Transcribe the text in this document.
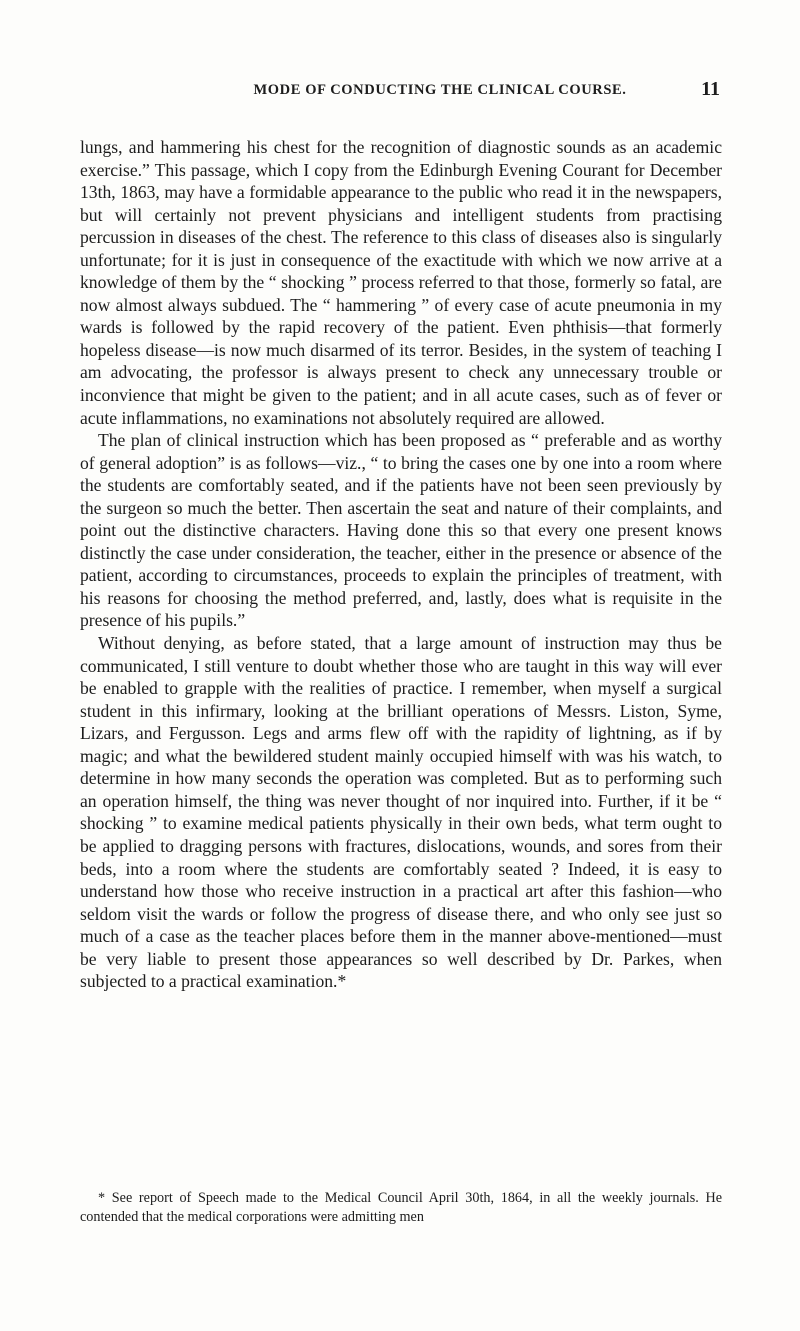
MODE OF CONDUCTING THE CLINICAL COURSE.	11

lungs, and hammering his chest for the recognition of diagnostic sounds as an academic exercise.” This passage, which I copy from the Edinburgh Evening Courant for December 13th, 1863, may have a formidable appearance to the public who read it in the newspapers, but will certainly not prevent physicians and intelligent students from practising percussion in diseases of the chest. The reference to this class of diseases also is singularly unfortunate; for it is just in consequence of the exactitude with which we now arrive at a knowledge of them by the “ shocking ” process referred to that those, formerly so fatal, are now almost always subdued. The “ hammering ” of every case of acute pneumonia in my wards is followed by the rapid recovery of the patient. Even phthisis—that formerly hopeless disease—is now much disarmed of its terror. Besides, in the system of teaching I am advocating, the professor is always present to check any unnecessary trouble or inconvience that might be given to the patient; and in all acute cases, such as of fever or acute inflammations, no examinations not absolutely required are allowed.

The plan of clinical instruction which has been proposed as “ preferable and as worthy of general adoption” is as follows—viz., “ to bring the cases one by one into a room where the students are comfortably seated, and if the patients have not been seen previously by the surgeon so much the better. Then ascertain the seat and nature of their complaints, and point out the distinctive characters. Having done this so that every one present knows distinctly the case under consideration, the teacher, either in the presence or absence of the patient, according to circumstances, proceeds to explain the principles of treatment, with his reasons for choosing the method preferred, and, lastly, does what is requisite in the presence of his pupils.”

Without denying, as before stated, that a large amount of instruction may thus be communicated, I still venture to doubt whether those who are taught in this way will ever be enabled to grapple with the realities of practice. I remember, when myself a surgical student in this infirmary, looking at the brilliant operations of Messrs. Liston, Syme, Lizars, and Fergusson. Legs and arms flew off with the rapidity of lightning, as if by magic; and what the bewildered student mainly occupied himself with was his watch, to determine in how many seconds the operation was completed. But as to performing such an operation himself, the thing was never thought of nor inquired into. Further, if it be “ shocking ” to examine medical patients physically in their own beds, what term ought to be applied to dragging persons with fractures, dislocations, wounds, and sores from their beds, into a room where the students are comfortably seated ? Indeed, it is easy to understand how those who receive instruction in a practical art after this fashion—who seldom visit the wards or follow the progress of disease there, and who only see just so much of a case as the teacher places before them in the manner above-mentioned—must be very liable to present those appearances so well described by Dr. Parkes, when subjected to a practical examination.*

* See report of Speech made to the Medical Council April 30th, 1864, in all the weekly journals. He contended that the medical corporations were admitting men
